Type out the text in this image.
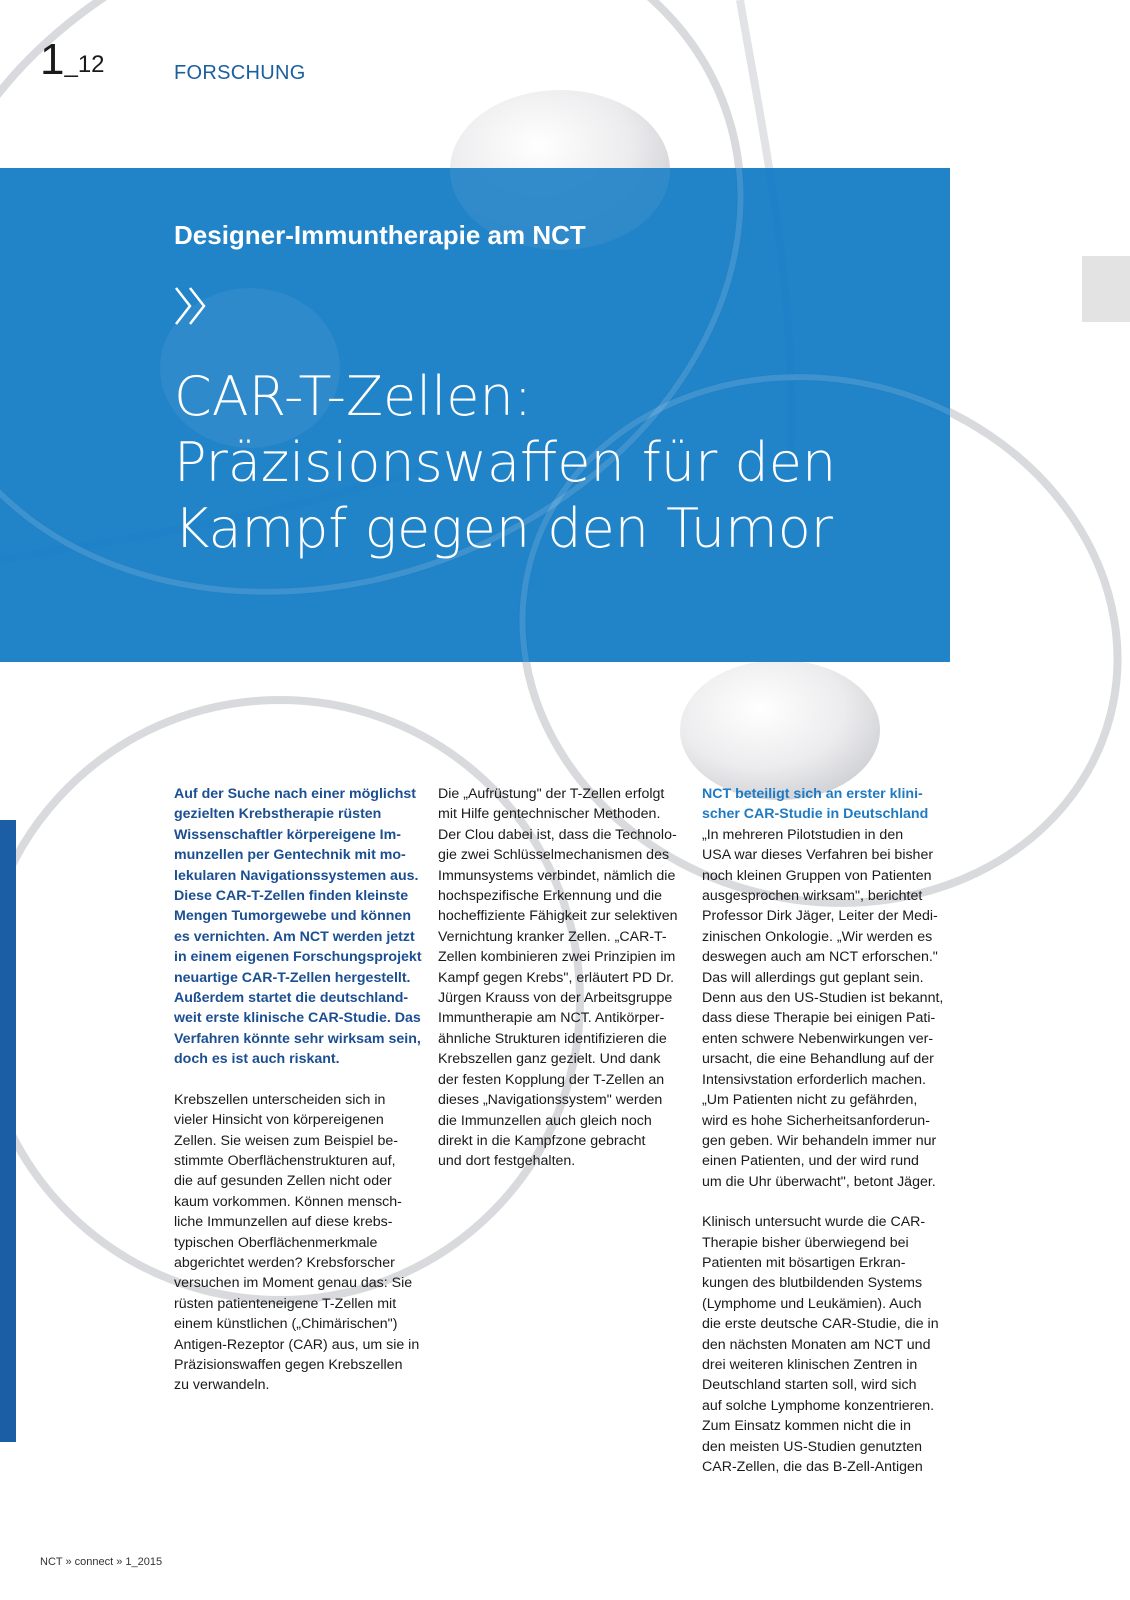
1_12	FORSCHUNG
Designer-Immuntherapie am NCT
CAR-T-Zellen:
Präzisionswaffen für den
Kampf gegen den Tumor

Auf der Suche nach einer möglichst

gezielten Krebstherapie rüsten

Wissenschaftler körpereigene Im-

munzellen per Gentechnik mit mo-

lekularen Navigationssystemen aus.

Diese CAR-T-Zellen finden kleinste

Mengen Tumorgewebe und können

es vernichten. Am NCT werden jetzt

in einem eigenen Forschungsprojekt

neuartige CAR-T-Zellen hergestellt.

Außerdem startet die deutschland-

weit erste klinische CAR-Studie. Das

Verfahren könnte sehr wirksam sein,

doch es ist auch riskant.

Krebszellen unterscheiden sich in

vieler Hinsicht von körpereigenen

Zellen. Sie weisen zum Beispiel be-

stimmte Oberflächenstrukturen auf,

die auf gesunden Zellen nicht oder

kaum vorkommen. Können mensch-

liche Immunzellen auf diese krebs-

typischen Oberflächenmerkmale

abgerichtet werden? Krebsforscher

versuchen im Moment genau das: Sie

rüsten patienteneigene T-Zellen mit

einem künstlichen („Chimärischen")

Antigen-Rezeptor (CAR) aus, um sie in

Präzisionswaffen gegen Krebszellen

zu verwandeln.

Die „Aufrüstung" der T-Zellen erfolgt

mit Hilfe gentechnischer Methoden.

Der Clou dabei ist, dass die Technolo-

gie zwei Schlüsselmechanismen des

Immunsystems verbindet, nämlich die

hochspezifische Erkennung und die

hocheffiziente Fähigkeit zur selektiven

Vernichtung kranker Zellen. „CAR-T-

Zellen kombinieren zwei Prinzipien im

Kampf gegen Krebs", erläutert PD Dr.

Jürgen Krauss von der Arbeitsgruppe

Immuntherapie am NCT. Antikörper-

ähnliche Strukturen identifizieren die

Krebszellen ganz gezielt. Und dank

der festen Kopplung der T-Zellen an

dieses „Navigationssystem" werden

die Immunzellen auch gleich noch

direkt in die Kampfzone gebracht

und dort festgehalten.

NCT beteiligt sich an erster klini-

scher CAR-Studie in Deutschland

„In mehreren Pilotstudien in den

USA war dieses Verfahren bei bisher

noch kleinen Gruppen von Patienten

ausgesprochen wirksam", berichtet

Professor Dirk Jäger, Leiter der Medi-

zinischen Onkologie. „Wir werden es

deswegen auch am NCT erforschen."

Das will allerdings gut geplant sein.

Denn aus den US-Studien ist bekannt,

dass diese Therapie bei einigen Pati-

enten schwere Nebenwirkungen ver-

ursacht, die eine Behandlung auf der

Intensivstation erforderlich machen.

„Um Patienten nicht zu gefährden,

wird es hohe Sicherheitsanforderun-

gen geben. Wir behandeln immer nur

einen Patienten, und der wird rund

um die Uhr überwacht", betont Jäger.

Klinisch untersucht wurde die CAR-

Therapie bisher überwiegend bei

Patienten mit bösartigen Erkran-

kungen des blutbildenden Systems

(Lymphome und Leukämien). Auch

die erste deutsche CAR-Studie, die in

den nächsten Monaten am NCT und

drei weiteren klinischen Zentren in

Deutschland starten soll, wird sich

auf solche Lymphome konzentrieren.

Zum Einsatz kommen nicht die in

den meisten US-Studien genutzten

CAR-Zellen, die das B-Zell-Antigen

NCT » connect » 1_2015
